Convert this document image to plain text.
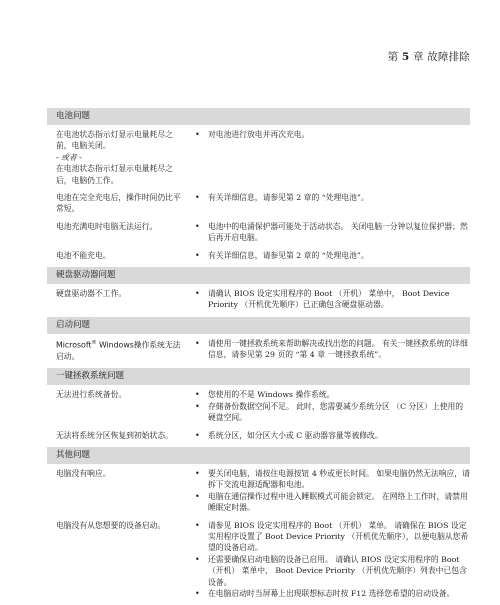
第 5 章 故障排除
电池问题
在电池状态指示灯显示电量耗尽之前，电脑关闭。
- 或者 -
在电池状态指示灯显示电量耗尽之后，电脑仍工作。
• 对电池进行放电并再次充电。
电池在完全充电后，操作时间仍比平常短。
• 有关详细信息，请参见第 2 章的 “处理电池”。
电池充满电时电脑无法运行。	• 电池中的电涌保护器可能处于活动状态。 关闭电脑一分钟以复位保护器；然后再开启电脑。
电池不能充电。	• 有关详细信息，请参见第 2 章的 “处理电池”。
硬盘驱动器问题
硬盘驱动器不工作。	• 请确认 BIOS 设定实用程序的 Boot （开机） 菜单中， Boot Device Priority （开机优先顺序）已正确包含硬盘驱动器。
启动问题
Microsoft® Windows操作系统无法启动。
• 请使用一键拯救系统来帮助解决或找出您的问题。 有关一键拯救系统的详细信息，请参见第 29 页的 “第 4 章 一键拯救系统”。
一键拯救系统问题
无法进行系统备份。	• 您使用的不是 Windows 操作系统。
• 存储备份数据空间不足。 此时，您需要减少系统分区 （C 分区）上使用的硬盘空间。
无法将系统分区恢复到初始状态。	• 系统分区，如分区大小或 C 驱动器容量等被修改。
其他问题
电脑没有响应。	• 要关闭电脑，请按住电源按钮 4 秒或更长时间。 如果电脑仍然无法响应，请拆下交流电源适配器和电池。
• 电脑在通信操作过程中进入睡眠模式可能会锁定。 在网络上工作时，请禁用睡眠定时器。
电脑没有从您想要的设备启动。	• 请参见 BIOS 设定实用程序的 Boot （开机） 菜单。 请确保在 BIOS 设定实用程序设置了 Boot Device Priority （开机优先顺序），以便电脑从您希望的设备启动。
• 还需要确保启动电脑的设备已启用。 请确认 BIOS 设定实用程序的 Boot （开机） 菜单中， Boot Device Priority （开机优先顺序）列表中已包含设备。
• 在电脑启动时当屏幕上出现联想标志时按 F12 选择您希望的启动设备。
